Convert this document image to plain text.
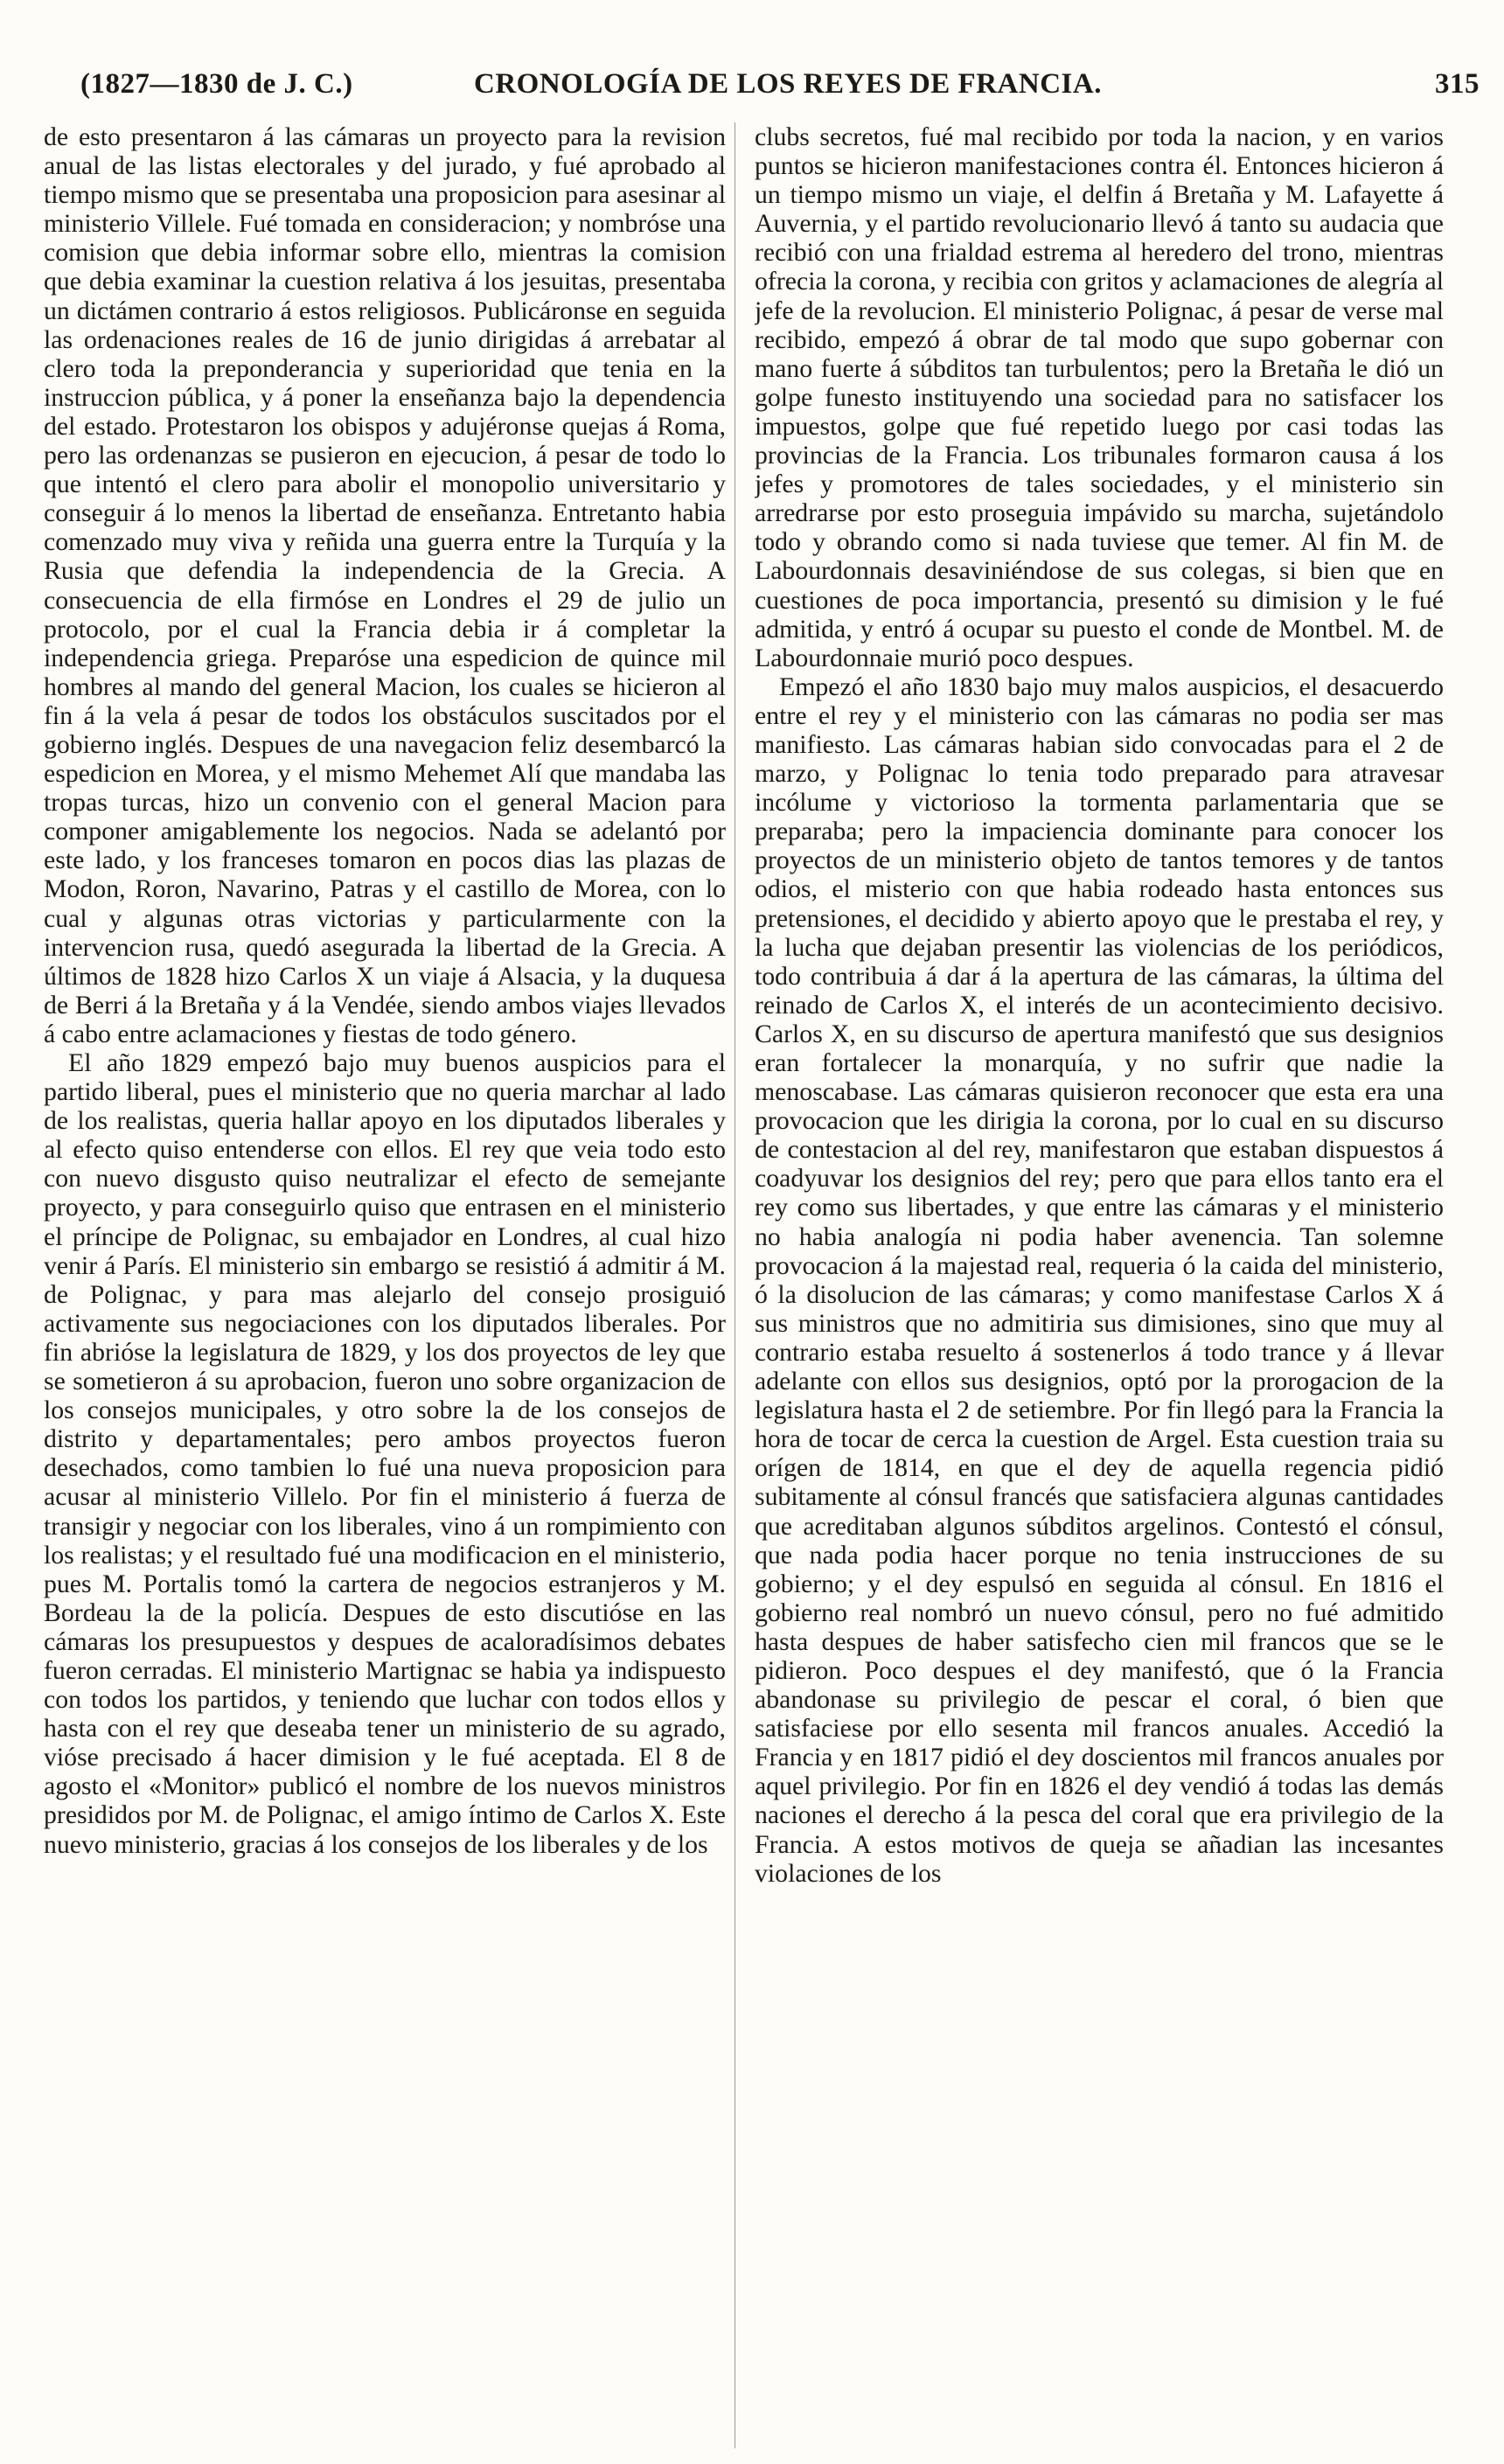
(1827—1830 de J. C.)	CRONOLOGÍA DE LOS REYES DE FRANCIA.	315

de esto presentaron á las cámaras un proyecto para la revision anual de las listas electorales y del jurado, y fué aprobado al tiempo mismo que se presentaba una proposicion para asesinar al ministerio Villele. Fué tomada en consideracion; y nombróse una comision que debia informar sobre ello, mientras la comision que debia examinar la cuestion relativa á los jesuitas, presentaba un dictámen contrario á estos religiosos. Publicáronse en seguida las ordenaciones reales de 16 de junio dirigidas á arrebatar al clero toda la preponderancia y superioridad que tenia en la instruccion pública, y á poner la enseñanza bajo la dependencia del estado. Protestaron los obispos y adujéronse quejas á Roma, pero las ordenanzas se pusieron en ejecucion, á pesar de todo lo que intentó el clero para abolir el monopolio universitario y conseguir á lo menos la libertad de enseñanza. Entretanto habia comenzado muy viva y reñida una guerra entre la Turquía y la Rusia que defendia la independencia de la Grecia. A consecuencia de ella firmóse en Londres el 29 de julio un protocolo, por el cual la Francia debia ir á completar la independencia griega. Preparóse una espedicion de quince mil hombres al mando del general Macion, los cuales se hicieron al fin á la vela á pesar de todos los obstáculos suscitados por el gobierno inglés. Despues de una navegacion feliz desembarcó la espedicion en Morea, y el mismo Mehemet Alí que mandaba las tropas turcas, hizo un convenio con el general Macion para componer amigablemente los negocios. Nada se adelantó por este lado, y los franceses tomaron en pocos dias las plazas de Modon, Roron, Navarino, Patras y el castillo de Morea, con lo cual y algunas otras victorias y particularmente con la intervencion rusa, quedó asegurada la libertad de la Grecia. A últimos de 1828 hizo Carlos X un viaje á Alsacia, y la duquesa de Berri á la Bretaña y á la Vendée, siendo ambos viajes llevados á cabo entre aclamaciones y fiestas de todo género.

El año 1829 empezó bajo muy buenos auspicios para el partido liberal, pues el ministerio que no queria marchar al lado de los realistas, queria hallar apoyo en los diputados liberales y al efecto quiso entenderse con ellos. El rey que veia todo esto con nuevo disgusto quiso neutralizar el efecto de semejante proyecto, y para conseguirlo quiso que entrasen en el ministerio el príncipe de Polignac, su embajador en Londres, al cual hizo venir á París. El ministerio sin embargo se resistió á admitir á M. de Polignac, y para mas alejarlo del consejo prosiguió activamente sus negociaciones con los diputados liberales. Por fin abrióse la legislatura de 1829, y los dos proyectos de ley que se sometieron á su aprobacion, fueron uno sobre organizacion de los consejos municipales, y otro sobre la de los consejos de distrito y departamentales; pero ambos proyectos fueron desechados, como tambien lo fué una nueva proposicion para acusar al ministerio Villelo. Por fin el ministerio á fuerza de transigir y negociar con los liberales, vino á un rompimiento con los realistas; y el resultado fué una modificacion en el ministerio, pues M. Portalis tomó la cartera de negocios estranjeros y M. Bordeau la de la policía. Despues de esto discutióse en las cámaras los presupuestos y despues de acaloradísimos debates fueron cerradas. El ministerio Martignac se habia ya indispuesto con todos los partidos, y teniendo que luchar con todos ellos y hasta con el rey que deseaba tener un ministerio de su agrado, vióse precisado á hacer dimision y le fué aceptada. El 8 de agosto el «Monitor» publicó el nombre de los nuevos ministros presididos por M. de Polignac, el amigo íntimo de Carlos X. Este nuevo ministerio, gracias á los consejos de los liberales y de los

clubs secretos, fué mal recibido por toda la nacion, y en varios puntos se hicieron manifestaciones contra él. Entonces hicieron á un tiempo mismo un viaje, el delfin á Bretaña y M. Lafayette á Auvernia, y el partido revolucionario llevó á tanto su audacia que recibió con una frialdad estrema al heredero del trono, mientras ofrecia la corona, y recibia con gritos y aclamaciones de alegría al jefe de la revolucion. El ministerio Polignac, á pesar de verse mal recibido, empezó á obrar de tal modo que supo gobernar con mano fuerte á súbditos tan turbulentos; pero la Bretaña le dió un golpe funesto instituyendo una sociedad para no satisfacer los impuestos, golpe que fué repetido luego por casi todas las provincias de la Francia. Los tribunales formaron causa á los jefes y promotores de tales sociedades, y el ministerio sin arredrarse por esto proseguia impávido su marcha, sujetándolo todo y obrando como si nada tuviese que temer. Al fin M. de Labourdonnais desaviniéndose de sus colegas, si bien que en cuestiones de poca importancia, presentó su dimision y le fué admitida, y entró á ocupar su puesto el conde de Montbel. M. de Labourdonnaie murió poco despues.

Empezó el año 1830 bajo muy malos auspicios, el desacuerdo entre el rey y el ministerio con las cámaras no podia ser mas manifiesto. Las cámaras habian sido convocadas para el 2 de marzo, y Polignac lo tenia todo preparado para atravesar incólume y victorioso la tormenta parlamentaria que se preparaba; pero la impaciencia dominante para conocer los proyectos de un ministerio objeto de tantos temores y de tantos odios, el misterio con que habia rodeado hasta entonces sus pretensiones, el decidido y abierto apoyo que le prestaba el rey, y la lucha que dejaban presentir las violencias de los periódicos, todo contribuia á dar á la apertura de las cámaras, la última del reinado de Carlos X, el interés de un acontecimiento decisivo. Carlos X, en su discurso de apertura manifestó que sus designios eran fortalecer la monarquía, y no sufrir que nadie la menoscabase. Las cámaras quisieron reconocer que esta era una provocacion que les dirigia la corona, por lo cual en su discurso de contestacion al del rey, manifestaron que estaban dispuestos á coadyuvar los designios del rey; pero que para ellos tanto era el rey como sus libertades, y que entre las cámaras y el ministerio no habia analogía ni podia haber avenencia. Tan solemne provocacion á la majestad real, requeria ó la caida del ministerio, ó la disolucion de las cámaras; y como manifestase Carlos X á sus ministros que no admitiria sus dimisiones, sino que muy al contrario estaba resuelto á sostenerlos á todo trance y á llevar adelante con ellos sus designios, optó por la prorogacion de la legislatura hasta el 2 de setiembre. Por fin llegó para la Francia la hora de tocar de cerca la cuestion de Argel. Esta cuestion traia su orígen de 1814, en que el dey de aquella regencia pidió subitamente al cónsul francés que satisfaciera algunas cantidades que acreditaban algunos súbditos argelinos. Contestó el cónsul, que nada podia hacer porque no tenia instrucciones de su gobierno; y el dey espulsó en seguida al cónsul. En 1816 el gobierno real nombró un nuevo cónsul, pero no fué admitido hasta despues de haber satisfecho cien mil francos que se le pidieron. Poco despues el dey manifestó, que ó la Francia abandonase su privilegio de pescar el coral, ó bien que satisfaciese por ello sesenta mil francos anuales. Accedió la Francia y en 1817 pidió el dey doscientos mil francos anuales por aquel privilegio. Por fin en 1826 el dey vendió á todas las demás naciones el derecho á la pesca del coral que era privilegio de la Francia. A estos motivos de queja se añadian las incesantes violaciones de los
